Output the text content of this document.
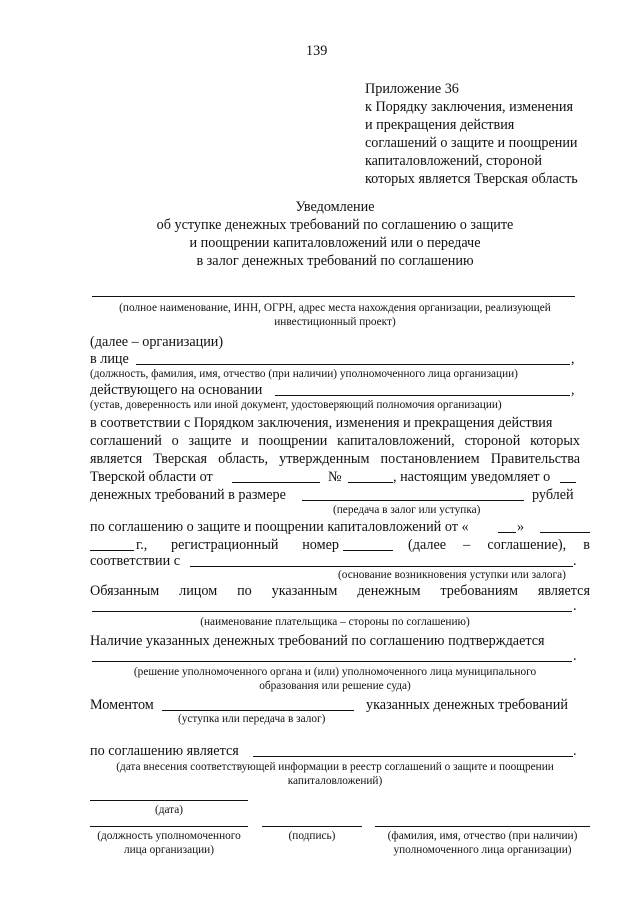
139
Приложение 36
к Порядку заключения, изменения
и прекращения действия
соглашений о защите и поощрении
капиталовложений, стороной
которых является Тверская область
Уведомление
об уступке денежных требований по соглашению о защите
и поощрении капиталовложений или о передаче
в залог денежных требований по соглашению
(полное наименование, ИНН, ОГРН, адрес места нахождения организации, реализующей
инвестиционный проект)
(далее – организации)
в лице	,
(должность, фамилия, имя, отчество (при наличии) уполномоченного лица организации)
действующего на основании	,
(устав, доверенность или иной документ, удостоверяющий полномочия организации)
в соответствии с Порядком заключения, изменения и прекращения действия
соглашений о защите и поощрении капиталовложений, стороной которых
является Тверская область, утвержденным постановлением Правительства
Тверской области от	№	, настоящим уведомляет о
денежных требований в размере	рублей
(передача в залог или уступка)
по соглашению о защите и поощрении капиталовложений от «	»
г., регистрационный номер	(далее – соглашение), в
соответствии с	.
(основание возникновения уступки или залога)
Обязанным лицом по указанным денежным требованиям является
.
(наименование плательщика – стороны по соглашению)
Наличие указанных денежных требований по соглашению подтверждается
.
(решение уполномоченного органа и (или) уполномоченного лица муниципального
образования или решение суда)
Моментом	указанных денежных требований
(уступка или передача в залог)
по соглашению является	.
(дата внесения соответствующей информации в реестр соглашений о защите и поощрении
капиталовложений)
(дата)
(должность уполномоченного
лица организации)
(подпись)	(фамилия, имя, отчество (при наличии)
уполномоченного лица организации)
